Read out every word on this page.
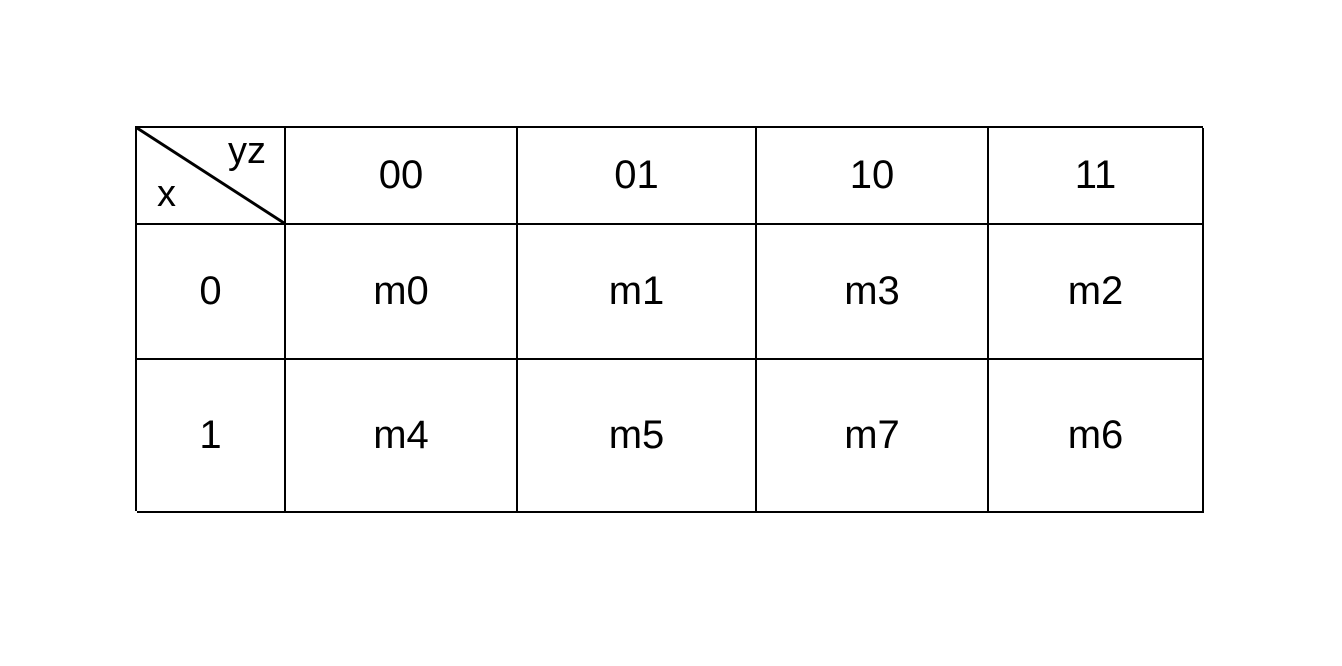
yz
x	00	01	10	11
0	m0	m1	m3	m2
1	m4	m5	m7	m6
